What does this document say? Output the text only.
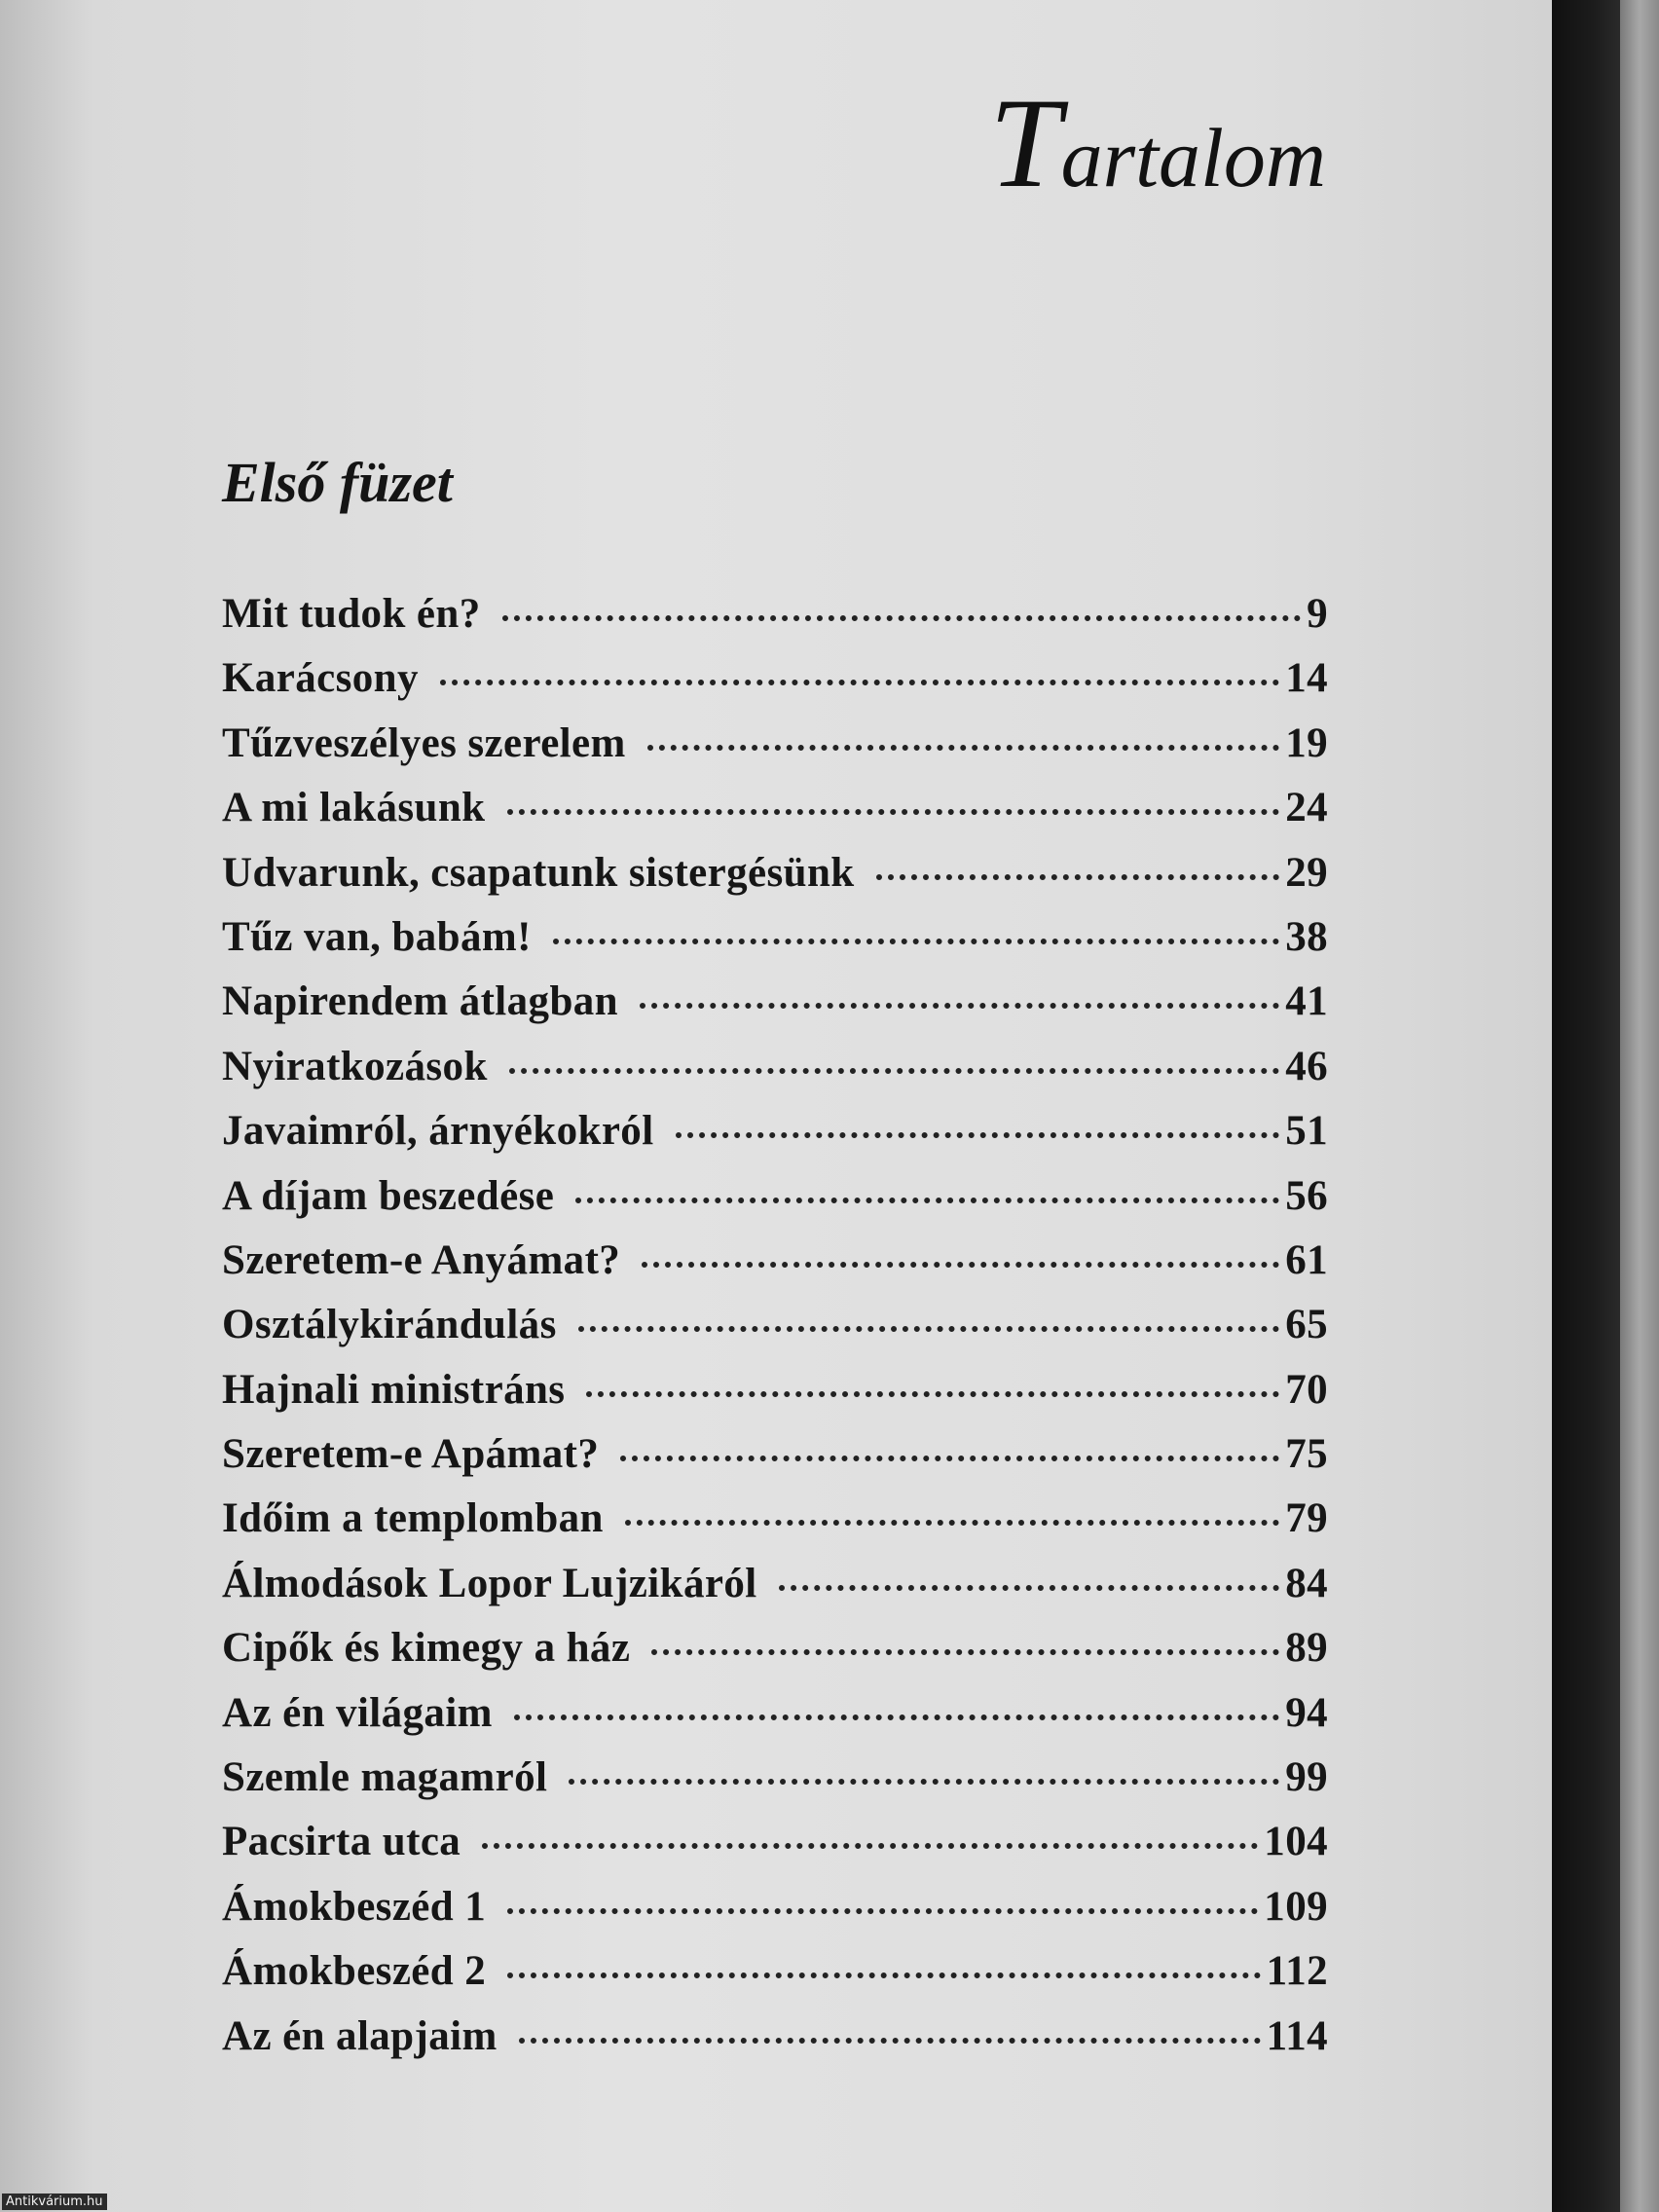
Tartalom
Első füzet
Mit tudok én?	9
Karácsony	14
Tűzveszélyes szerelem	19
A mi lakásunk	24
Udvarunk, csapatunk sistergésünk	29
Tűz van, babám!	38
Napirendem átlagban	41
Nyiratkozások	46
Javaimról, árnyékokról	51
A díjam beszedése	56
Szeretem-e Anyámat?	61
Osztálykirándulás	65
Hajnali ministráns	70
Szeretem-e Apámat?	75
Időim a templomban	79
Álmodások Lopor Lujzikáról	84
Cipők és kimegy a ház	89
Az én világaim	94
Szemle magamról	99
Pacsirta utca	104
Ámokbeszéd 1	109
Ámokbeszéd 2	112
Az én alapjaim	114
Antikvárium.hu
